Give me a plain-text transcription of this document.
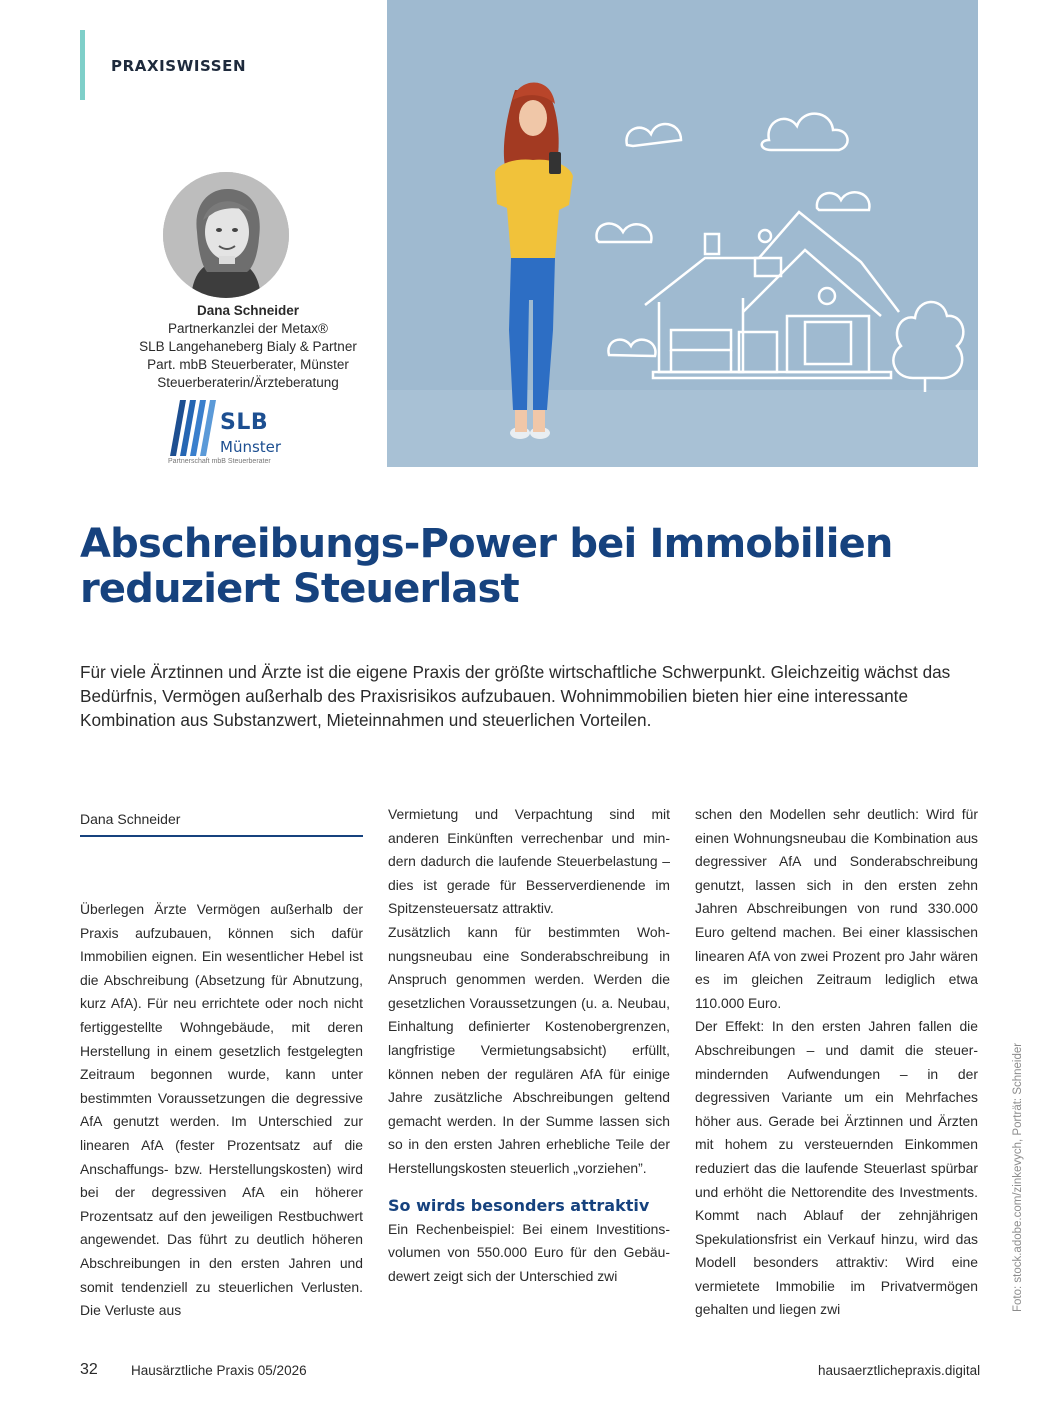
PRAXISWISSEN
Dana Schneider
Partnerkanzlei der Metax®
SLB Langehaneberg Bialy & Partner
Part. mbB Steuerberater, Münster
Steuerberaterin/Ärzteberatung
SLB
Münster
Partnerschaft mbB Steuerberater
Abschreibungs-Power bei Immobilien
reduziert Steuerlast

Für viele Ärztinnen und Ärzte ist die eigene Praxis der größte wirtschaftliche Schwerpunkt. Gleichzeitig wächst das Bedürfnis, Vermögen außerhalb des Praxisrisikos aufzubauen. Wohnimmobilien bieten hier eine interessante Kombination aus Substanzwert, Mieteinnahmen und steuerlichen Vorteilen.

Dana Schneider

Überlegen Ärzte Vermögen außerhalb der Praxis aufzubauen, können sich dafür Immobilien eignen. Ein wesentlicher Hebel ist die Abschreibung (Absetzung für Abnutzung, kurz AfA). Für neu errichtete oder noch nicht fertiggestellte Wohngebäude, mit deren Herstellung in einem gesetzlich festgelegten Zeitraum begonnen wurde, kann unter bestimmten Voraussetzungen die degressive AfA genutzt werden. Im Unterschied zur linearen AfA (fester Prozentsatz auf die Anschaffungs- bzw. Herstellungskosten) wird bei der degressiven AfA ein höherer Prozentsatz auf den jeweiligen Restbuchwert angewendet. Das führt zu deutlich höheren Abschreibungen in den ersten Jahren und somit tendenziell zu steuerlichen Verlusten. Die Verluste aus

Vermietung und Verpachtung sind mit anderen Einkünften verrechenbar und mindern dadurch die laufende Steuerbelastung – dies ist gerade für Besserverdienende im Spitzensteuersatz attraktiv.

Zusätzlich kann für bestimmten Wohnungsneubau eine Sonderabschreibung in Anspruch genommen werden. Werden die gesetzlichen Voraussetzungen (u. a. Neubau, Einhaltung definierter Kostenobergrenzen, langfristige Vermietungsabsicht) erfüllt, können neben der regulären AfA für einige Jahre zusätzliche Abschreibungen geltend gemacht werden. In der Summe lassen sich so in den ersten Jahren erhebliche Teile der Herstellungskosten steuerlich „vorziehen”.

So wirds besonders attraktiv

Ein Rechenbeispiel: Bei einem Investitionsvolumen von 550.000 Euro für den Gebäudewert zeigt sich der Unterschied zwi

schen den Modellen sehr deutlich: Wird für einen Wohnungsneubau die Kombination aus degressiver AfA und Sonderabschreibung genutzt, lassen sich in den ersten zehn Jahren Abschreibungen von rund 330.000 Euro geltend machen. Bei einer klassischen linearen AfA von zwei Prozent pro Jahr wären es im gleichen Zeitraum lediglich etwa 110.000 Euro.

Der Effekt: In den ersten Jahren fallen die Abschreibungen – und damit die steuermindernden Aufwendungen – in der degressiven Variante um ein Mehrfaches höher aus. Gerade bei Ärztinnen und Ärzten mit hohem zu versteuernden Einkommen reduziert das die laufende Steuerlast spürbar und erhöht die Nettorendite des Investments. Kommt nach Ablauf der zehnjährigen Spekulationsfrist ein Verkauf hinzu, wird das Modell besonders attraktiv: Wird eine vermietete Immobilie im Privatvermögen gehalten und liegen zwi	Foto: stock.adobe.com/zinkevych, Porträt: Schneider
32 Hausärztliche Praxis 05/2026	hausaerztlichepraxis.digital
